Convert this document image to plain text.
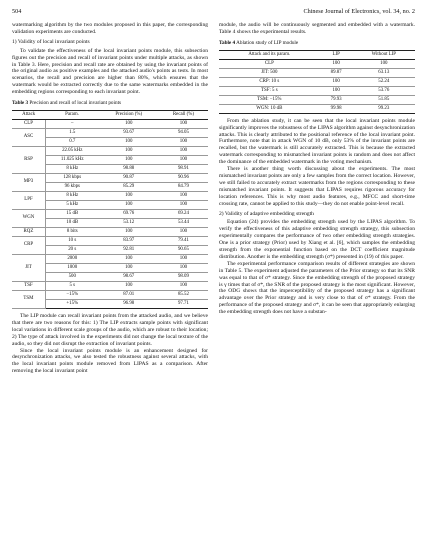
504	Chinese Journal of Electronics, vol. 34, no. 2

watermarking algorithm by the two modules proposed in this paper, the corresponding validation experiments are conducted.

1) Validity of local invariant points

To validate the effectiveness of the local invariant points module, this subsection figures out the precision and recall of invariant points under multiple attacks, as shown in Table 3. Here, precision and recall rate are obtained by using the invariant points of the original audio as positive examples and the attacked audio's points as tests. In most scenarios, the recall and precision are higher than 80%, which ensures that the watermark would be extracted correctly due to the same watermarks embedded in the embedding regions corresponding to each invariant point.

Table 3 Precision and recall of local invariant points
Attack	Param.	Precision (%)	Recall (%)
CLP	–	100	100
ASC	1.5	93.67	94.05
	0.7	100	100
RSP	22.05 kHz	100	100
	11.025 kHz	100	100
	8 kHz	98.88	98.91
MP3	128 kbps	90.87	90.96
	96 kbps	85.29	84.79
LPF	8 kHz	100	100
	5 kHz	100	100
WGN	15 dB	69.76	69.24
	10 dB	53.12	53.44
RQZ	8 bits	100	100
CRP	10 s	83.97	79.41
	20 s	92.81	90.65
JIT	2000	100	100
	1000	100	100
	500	98.67	98.09
TSF	5 s	100	100
TSM	−15%	87.01	85.52
	+15%	96.98	97.71

The LIP module can recall invariant points from the attacked audio, and we believe that there are two reasons for this: 1) The LIP extracts sample points with significant local variations in different scale groups of the audio, which are robust to their location; 2) The type of attack involved in the experiments did not change the local texture of the audio, so they did not disrupt the extraction of invariant points.

Since the local invariant points module is an enhancement designed for desynchronization attacks, we also tested the robustness against several attacks, with the local invariant points module removed from LIPAS as a comparison. After removing the local invariant point

module, the audio will be continuously segmented and embedded with a watermark. Table 4 shows the experimental results.

Table 4 Ablation study of LIP module
Attack and its param.	LIP	Without LIP
CLP	100	100
JIT: 500	89.87	63.13
CRP: 10 s	100	52.24
TSF: 5 s	100	53.76
TSM: −15%	79.93	51.85
WGN: 10 dB	99.98	99.23

From the ablation study, it can be seen that the local invariant points module significantly improves the robustness of the LIPAS algorithm against desynchronization attacks. This is clearly attributed to the positional reference of the local invariant point. Furthermore, note that in attack WGN of 10 dB, only 53% of the invariant points are recalled, but the watermark is still accurately extracted. This is because the extracted watermark corresponding to mismatched invariant points is random and does not affect the dominance of the embedded watermark in the voting mechanism.

There is another thing worth discussing about the experiments. The most mismatched invariant points are only a few samples from the correct location. However, we still failed to accurately extract watermarks from the regions corresponding to these mismatched invariant points. It suggests that LIPAS requires rigorous accuracy for location references. This is why most audio features, e.g., MFCC and short-time crossing rate, cannot be applied to this study—they do not enable point-level recall.

2) Validity of adaptive embedding strength

Equation (24) provides the embedding strength used by the LIPAS algorithm. To verify the effectiveness of this adaptive embedding strength strategy, this subsection experimentally compares the performance of two other embedding strength strategies. One is a prior strategy (Prior) used by Xiang et al. [6], which samples the embedding strength from the exponential function based on the DCT coefficient magnitude distribution. Another is the embedding strength (σ*) presented in (19) of this paper.

The experimental performance comparison results of different strategies are shown in Table 5. The experiment adjusted the parameters of the Prior strategy so that its SNR was equal to that of σ* strategy. Since the embedding strength of the proposed strategy is γ times that of σ*, the SNR of the proposed strategy is the most significant. However, the ODG shows that the imperceptibility of the proposed strategy has a significant advantage over the Prior strategy and is very close to that of σ* strategy. From the performance of the proposed strategy and σ*, it can be seen that appropriately enlarging the embedding strength does not have a substan-
